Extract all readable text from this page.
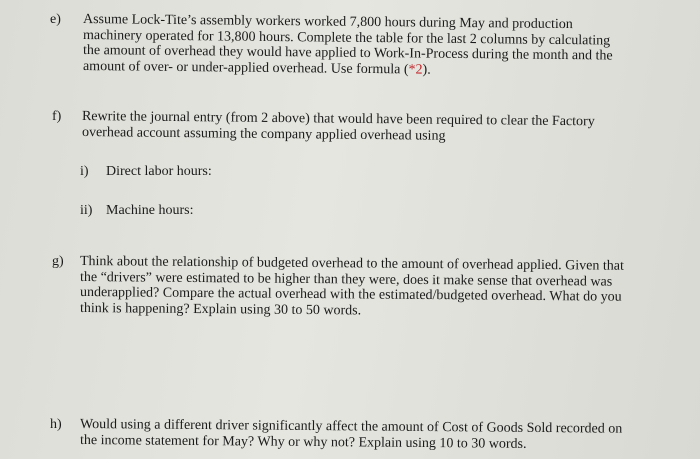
e) Assume Lock-Tite’s assembly workers worked 7,800 hours during May and production
machinery operated for 13,800 hours. Complete the table for the last 2 columns by calculating
the amount of overhead they would have applied to Work-In-Process during the month and the
amount of over- or under-applied overhead. Use formula (*2).
f) Rewrite the journal entry (from 2 above) that would have been required to clear the Factory
overhead account assuming the company applied overhead using
i) Direct labor hours:
ii) Machine hours:
g) Think about the relationship of budgeted overhead to the amount of overhead applied. Given that
the “drivers” were estimated to be higher than they were, does it make sense that overhead was
underapplied? Compare the actual overhead with the estimated/budgeted overhead. What do you
think is happening? Explain using 30 to 50 words.
h) Would using a different driver significantly affect the amount of Cost of Goods Sold recorded on
the income statement for May? Why or why not? Explain using 10 to 30 words.
